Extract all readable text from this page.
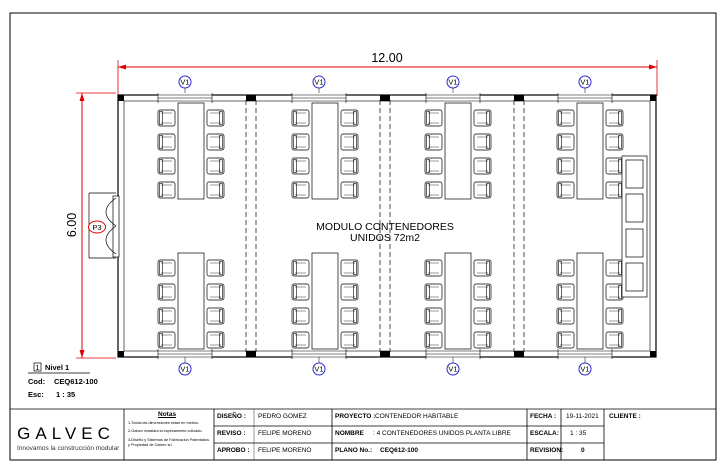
12.00
6.00
V1
V1
V1
V1
V1
V1
V1
V1
P3	MODULO CONTENEDORES
UNIDOS 72m2
1 Nivel 1
Cod: CEQ612-100
Esc: 1 : 35
GALVEC
Innovamos la construcción modular
Notas
1-Todas las dimensiones estan en metros.
2-Galvec instalara la espesamente colizado.
3-Diseño y Sistemas de Fabricacion Patentados y Propiedad de Galvec srl.
DISEÑO : PEDRO GOMEZ
REVISO : FELIPE MORENO
APROBO : FELIPE MORENO
PROYECTO : CONTENEDOR HABITABLE
NOMBRE : 4 CONTENEDORES UNIDOS PLANTA LIBRE
PLANO No.: CEQ612-100
FECHA : 19-11-2021
ESCALA: 1 : 35
REVISION:	0
CLIENTE :
